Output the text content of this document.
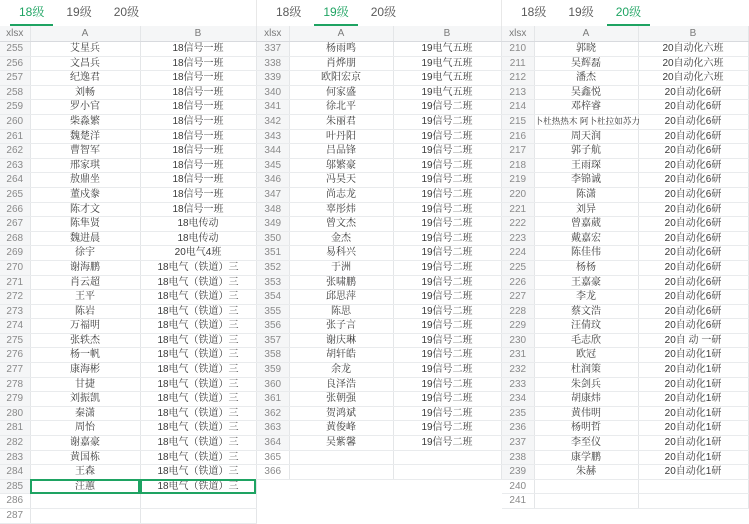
18级	19级	20级
xlsx	A	B
255	艾星兵	18信号一班
256	文昌兵	18信号一班
257	纪逸君	18信号一班
258	刘畅	18信号一班
259	罗小官	18信号一班
260	柴淼繁	18信号一班
261	魏楚洋	18信号一班
262	曹智军	18信号一班
263	邢家琪	18信号一班
264	敖鼎坐	18信号一班
265	董戍豢	18信号一班
266	陈才文	18信号一班
267	陈隼贤	18电传动
268	魏进晨	18电传动
269	徐宇	20电气4班
270	谢海鹏	18电气（铁道）三
271	肖云超	18电气（铁道）三
272	王平	18电气（铁道）三
273	陈岩	18电气（铁道）三
274	万福明	18电气（铁道）三
275	张轶杰	18电气（铁道）三
276	杨一帆	18电气（铁道）三
277	康海彬	18电气（铁道）三
278	甘捷	18电气（铁道）三
279	刘振凯	18电气（铁道）三
280	秦潇	18电气（铁道）三
281	周怡	18电气（铁道）三
282	谢嘉豪	18电气（铁道）三
283	黄国栋	18电气（铁道）三
284	王森	18电气（铁道）三
285	汪蕙	18电气（铁道）三
286		
287		
18级	19级	20级
xlsx	A	B
337	杨雨鸣	19电气五班
338	肖烨朋	19电气五班
339	欧阳宏京	19电气五班
340	何家盛	19电气五班
341	徐北平	19信号二班
342	朱丽君	19信号二班
343	叶丹阳	19信号二班
344	吕品锋	19信号二班
345	邬繁豪	19信号二班
346	冯昊天	19信号二班
347	尚志龙	19信号二班
348	辜彤炜	19信号二班
349	曾文杰	19信号二班
350	金杰	19信号二班
351	易科兴	19信号二班
352	于洲	19信号二班
353	张啸鹏	19信号二班
354	邱思萍	19信号二班
355	陈思	19信号二班
356	张子言	19信号二班
357	谢庆琳	19信号二班
358	胡轩皓	19信号二班
359	余龙	19信号二班
360	良泽浩	19信号二班
361	张朝强	19信号二班
362	贺鸿斌	19信号二班
363	黄俊峰	19信号二班
364	吴紫馨	19信号二班
365		
366		
18级	19级	20级
xlsx	A	B
210	郭晓	20自动化六班
211	吴辉磊	20自动化六班
212	潘杰	20自动化六班
213	吴鑫悦	20自动化6研
214	邓梓睿	20自动化6研
215	卜杜热热木 阿卜杜拉如苏力	20自动化6研
216	周天润	20自动化6研
217	郭子航	20自动化6研
218	王雨琛	20自动化6研
219	李锦诚	20自动化6研
220	陈潇	20自动化6研
221	刘异	20自动化6研
222	曾嘉葳	20自动化6研
223	戴嘉宏	20自动化6研
224	陈佳伟	20自动化6研
225	杨杨	20自动化6研
226	王嘉豪	20自动化6研
227	李龙	20自动化6研
228	蔡文浩	20自动化6研
229	汪倩玟	20自动化6研
230	毛志欣	20自 动 一研
231	欧冠	20自动化1研
232	杜润策	20自动化1研
233	朱剑兵	20自动化1研
234	胡康炜	20自动化1研
235	黄伟明	20自动化1研
236	杨明哲	20自动化1研
237	李至仪	20自动化1研
238	康学鹏	20自动化1研
239	朱赫	20自动化1研
240		
241		
